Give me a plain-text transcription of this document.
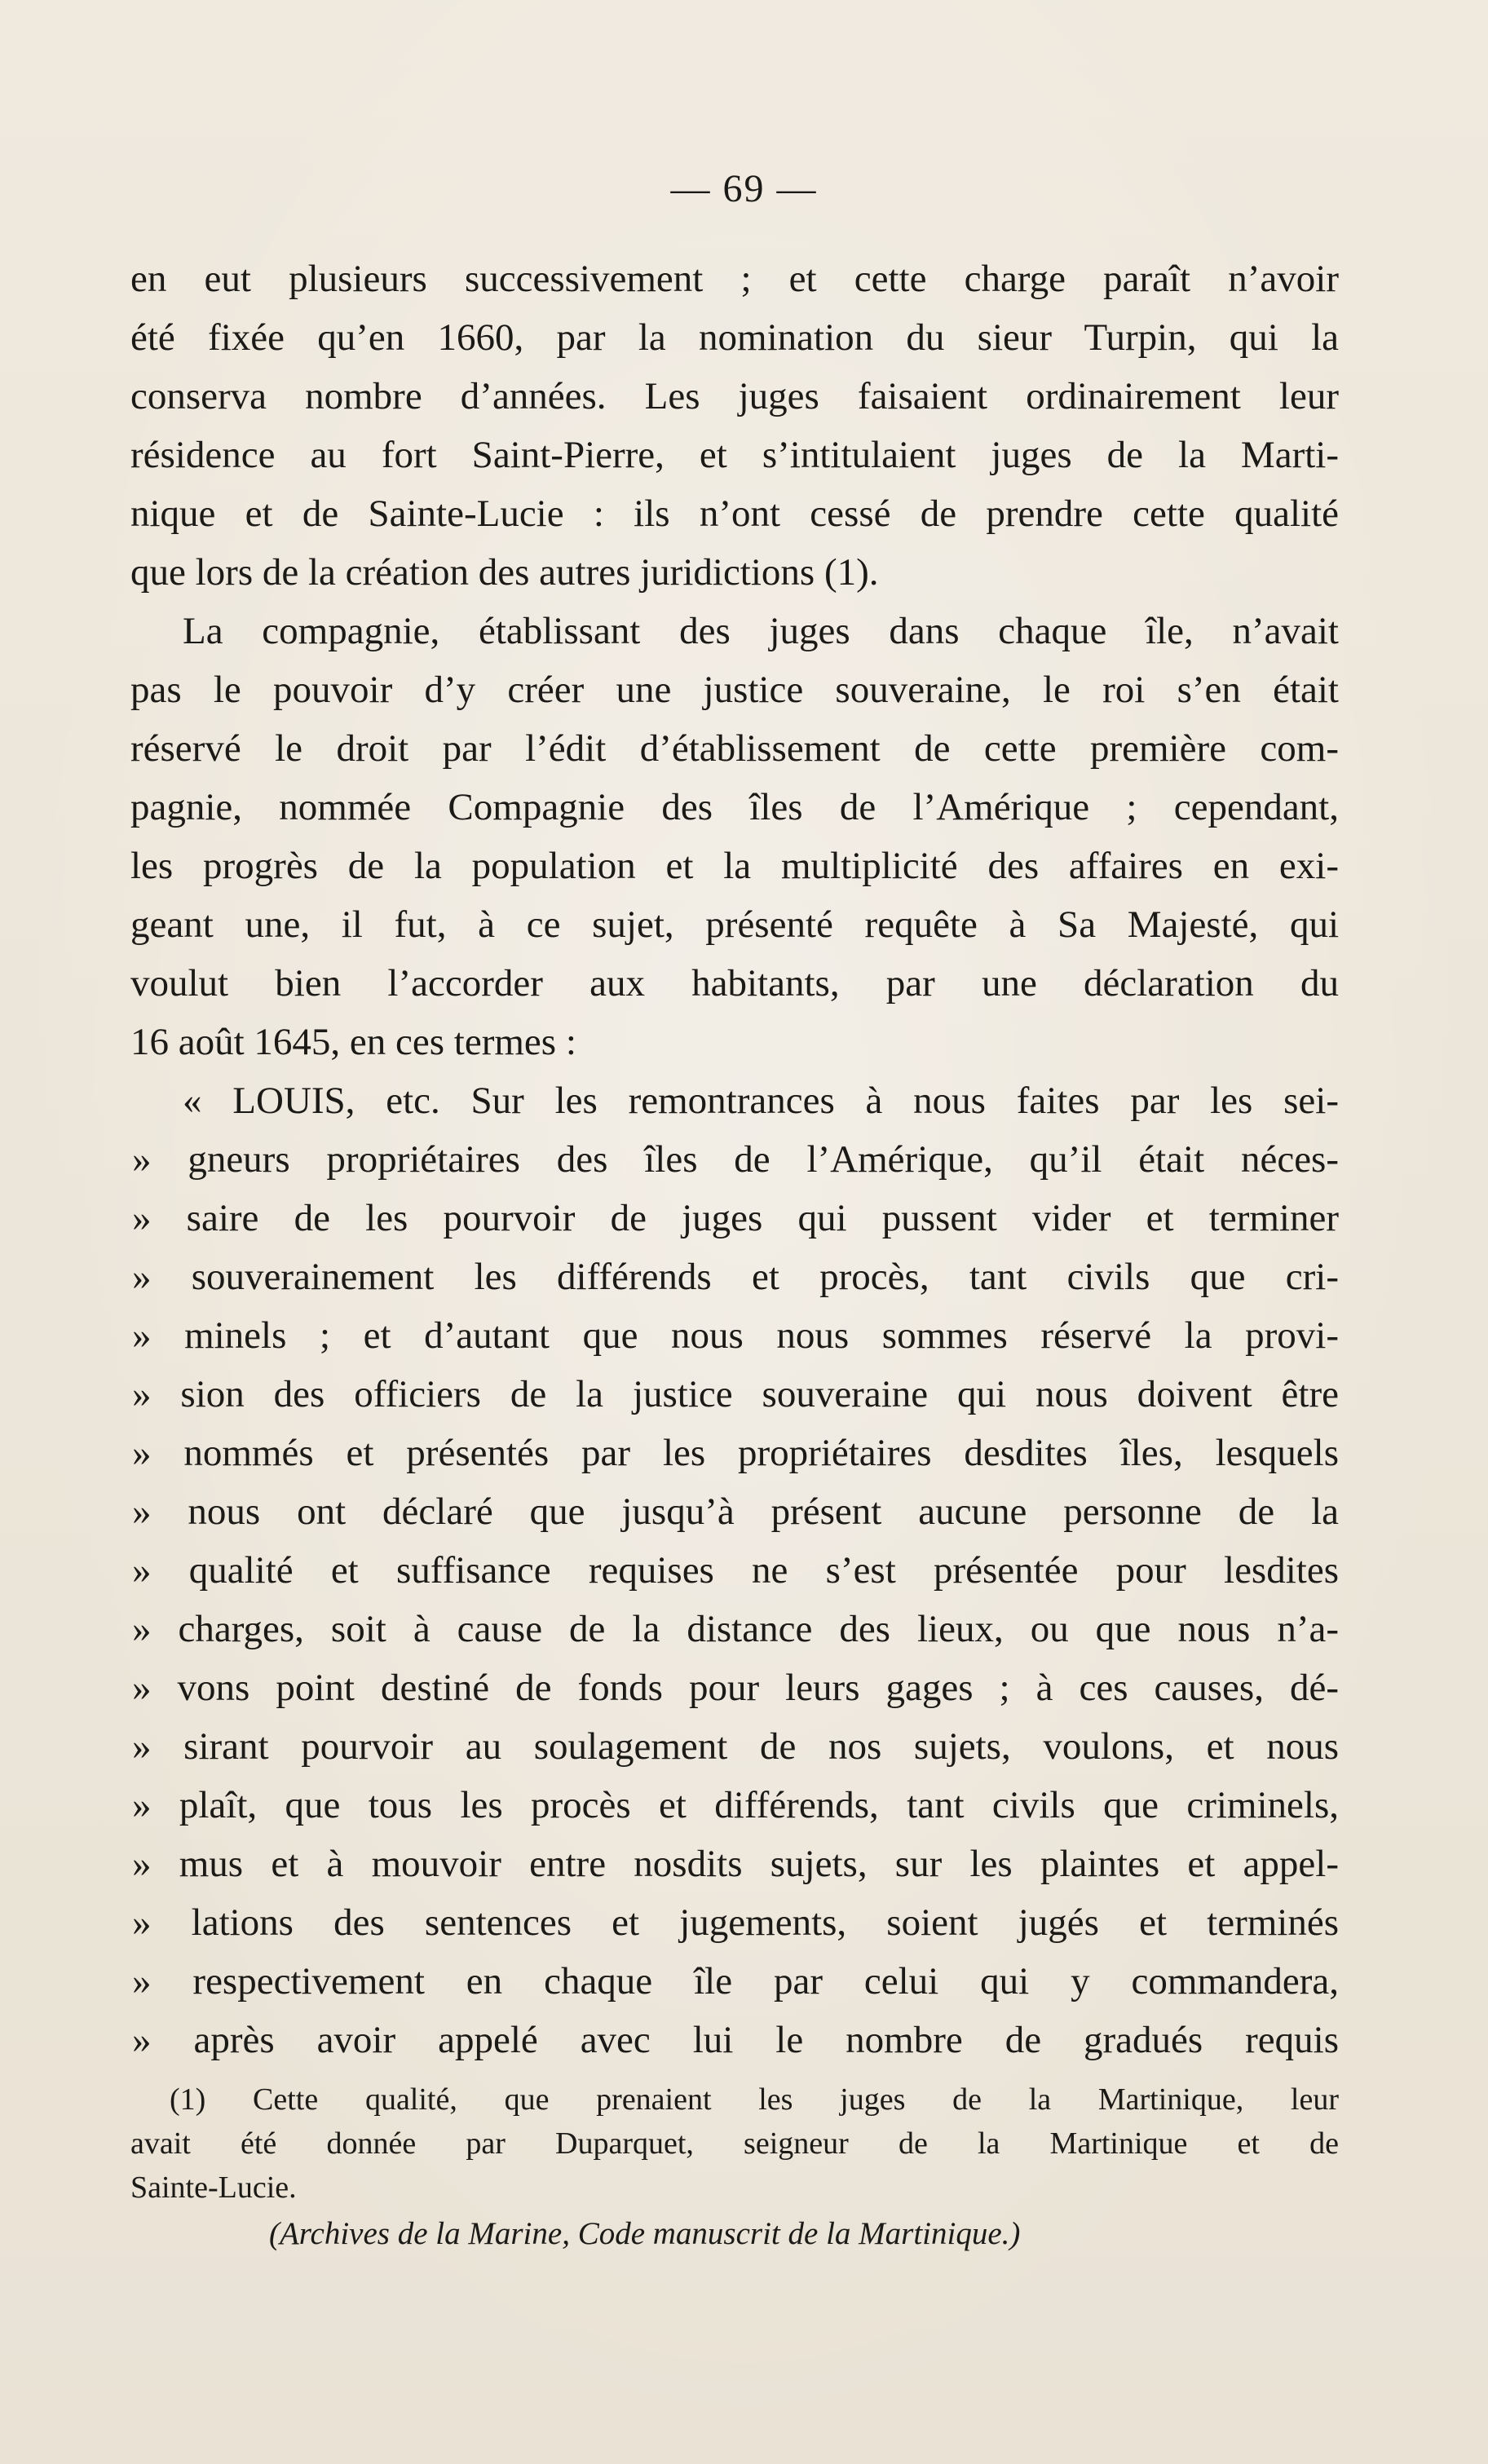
— 69 —
en eut plusieurs successivement ; et cette charge paraît n’avoir
été fixée qu’en 1660, par la nomination du sieur Turpin, qui la
conserva nombre d’années. Les juges faisaient ordinairement leur
résidence au fort Saint-Pierre, et s’intitulaient juges de la Marti-
nique et de Sainte-Lucie : ils n’ont cessé de prendre cette qualité
que lors de la création des autres juridictions (1).
La compagnie, établissant des juges dans chaque île, n’avait
pas le pouvoir d’y créer une justice souveraine, le roi s’en était
réservé le droit par l’édit d’établissement de cette première com-
pagnie, nommée Compagnie des îles de l’Amérique ; cependant,
les progrès de la population et la multiplicité des affaires en exi-
geant une, il fut, à ce sujet, présenté requête à Sa Majesté, qui
voulut bien l’accorder aux habitants, par une déclaration du
16 août 1645, en ces termes :
« LOUIS, etc. Sur les remontrances à nous faites par les sei-
» gneurs propriétaires des îles de l’Amérique, qu’il était néces-
» saire de les pourvoir de juges qui pussent vider et terminer
» souverainement les différends et procès, tant civils que cri-
» minels ; et d’autant que nous nous sommes réservé la provi-
» sion des officiers de la justice souveraine qui nous doivent être
» nommés et présentés par les propriétaires desdites îles, lesquels
» nous ont déclaré que jusqu’à présent aucune personne de la
» qualité et suffisance requises ne s’est présentée pour lesdites
» charges, soit à cause de la distance des lieux, ou que nous n’a-
» vons point destiné de fonds pour leurs gages ; à ces causes, dé-
» sirant pourvoir au soulagement de nos sujets, voulons, et nous
» plaît, que tous les procès et différends, tant civils que criminels,
» mus et à mouvoir entre nosdits sujets, sur les plaintes et appel-
» lations des sentences et jugements, soient jugés et terminés
» respectivement en chaque île par celui qui y commandera,
» après avoir appelé avec lui le nombre de gradués requis
(1) Cette qualité, que prenaient les juges de la Martinique, leur
avait été donnée par Duparquet, seigneur de la Martinique et de
Sainte-Lucie.
(Archives de la Marine, Code manuscrit de la Martinique.)
